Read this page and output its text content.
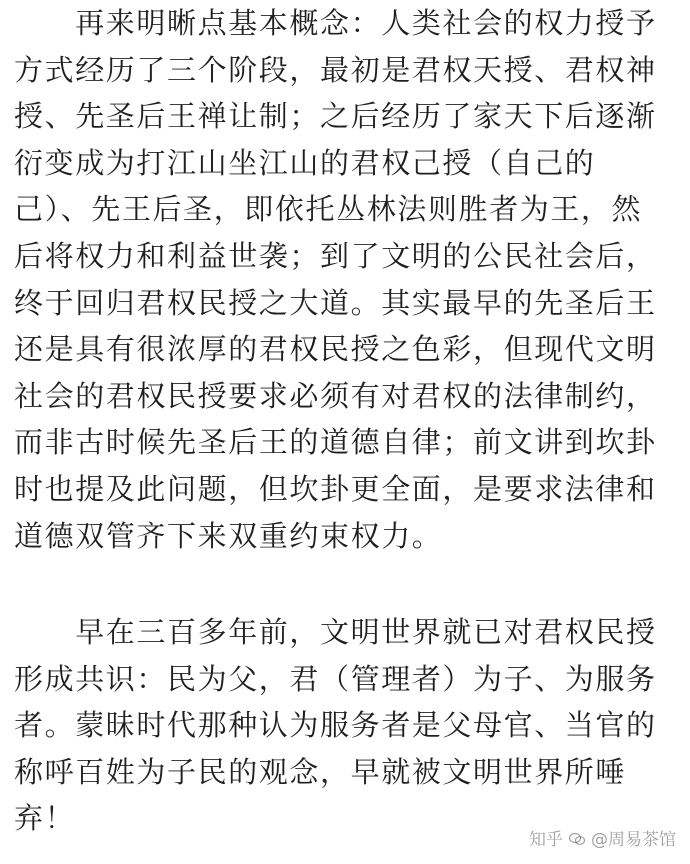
　　再来明晰点基本概念：人类社会的权力授予
方式经历了三个阶段，最初是君权天授、君权神
授、先圣后王禅让制；之后经历了家天下后逐渐
衍变成为打江山坐江山的君权己授（自己的
己）、先王后圣，即依托丛林法则胜者为王，然
后将权力和利益世袭；到了文明的公民社会后，
终于回归君权民授之大道。其实最早的先圣后王
还是具有很浓厚的君权民授之色彩，但现代文明
社会的君权民授要求必须有对君权的法律制约，
而非古时候先圣后王的道德自律；前文讲到坎卦
时也提及此问题，但坎卦更全面，是要求法律和
道德双管齐下来双重约束权力。
　　早在三百多年前，文明世界就已对君权民授
形成共识：民为父，君（管理者）为子、为服务
者。蒙昧时代那种认为服务者是父母官、当官的
称呼百姓为子民的观念，早就被文明世界所唾
弃！
知乎 @周易茶馆
